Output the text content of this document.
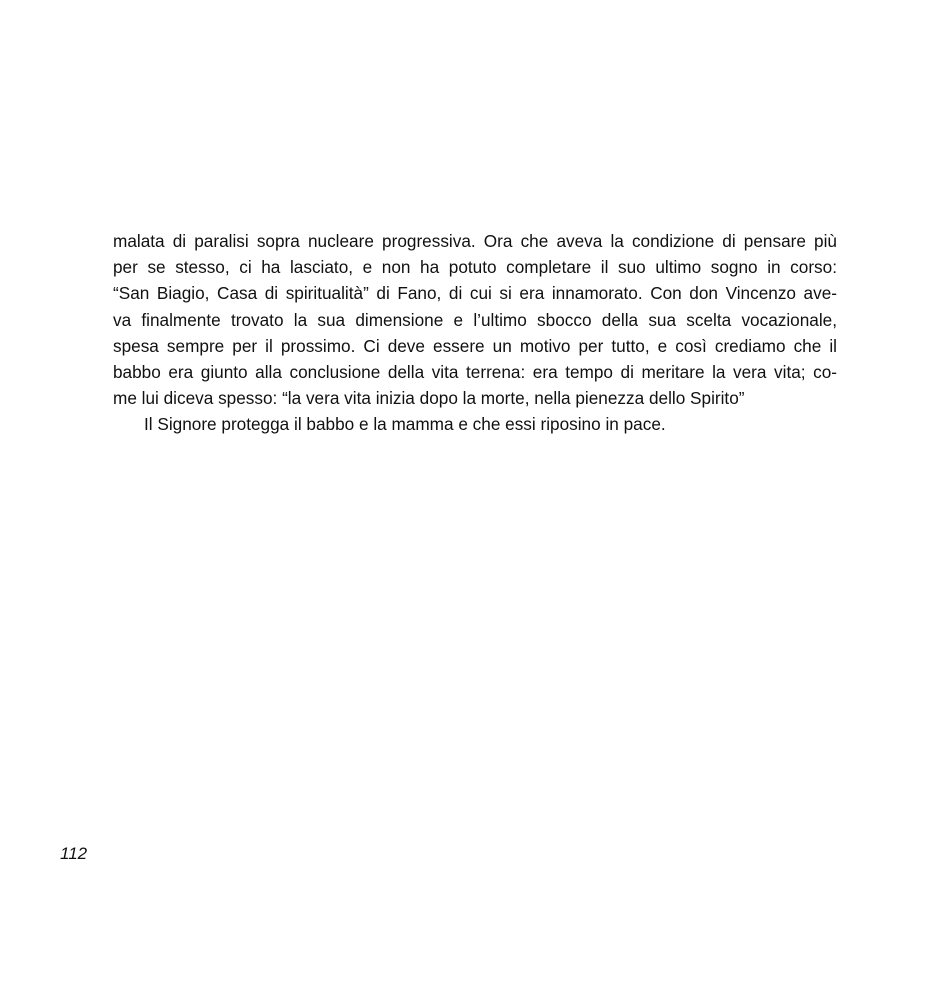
malata di paralisi sopra nucleare progressiva. Ora che aveva la condizione di pensare più
per se stesso, ci ha lasciato, e non ha potuto completare il suo ultimo sogno in corso:
“San Biagio, Casa di spiritualità” di Fano, di cui si era innamorato. Con don Vincenzo ave-
va finalmente trovato la sua dimensione e l’ultimo sbocco della sua scelta vocazionale,
spesa sempre per il prossimo. Ci deve essere un motivo per tutto, e così crediamo che il
babbo era giunto alla conclusione della vita terrena: era tempo di meritare la vera vita; co-
me lui diceva spesso: “la vera vita inizia dopo la morte, nella pienezza dello Spirito”
Il Signore protegga il babbo e la mamma e che essi riposino in pace.
112
